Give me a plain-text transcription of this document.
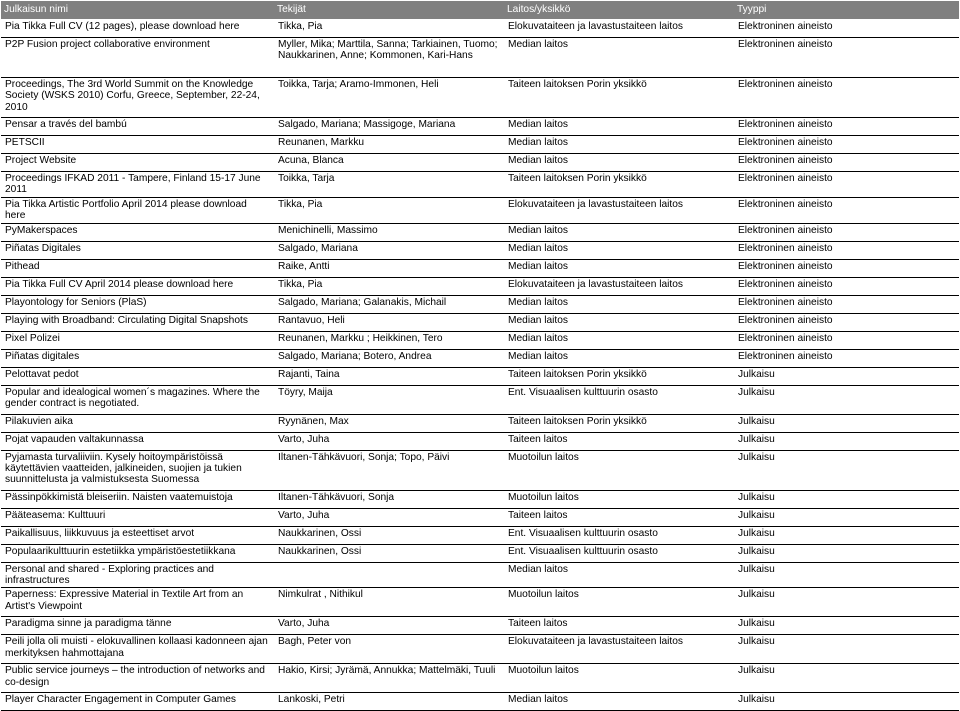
Julkaisun nimi	Tekijät	Laitos/yksikkö	Tyyppi
Pia Tikka Full CV (12 pages), please download here	Tikka, Pia	Elokuvataiteen ja lavastustaiteen laitos	Elektroninen aineisto
P2P Fusion project collaborative environment	Myller, Mika; Marttila, Sanna; Tarkiainen, Tuomo; Naukkarinen, Anne; Kommonen, Kari-Hans	Median laitos	Elektroninen aineisto
Proceedings, The 3rd World Summit on the Knowledge Society (WSKS 2010) Corfu, Greece, September, 22-24, 2010	Toikka, Tarja; Aramo-Immonen, Heli	Taiteen laitoksen Porin yksikkö	Elektroninen aineisto
Pensar a través del bambú	Salgado, Mariana; Massigoge, Mariana	Median laitos	Elektroninen aineisto
PETSCII	Reunanen, Markku	Median laitos	Elektroninen aineisto
Project Website	Acuna, Blanca	Median laitos	Elektroninen aineisto
Proceedings IFKAD 2011 - Tampere, Finland 15-17 June 2011	Toikka, Tarja	Taiteen laitoksen Porin yksikkö	Elektroninen aineisto
Pia Tikka Artistic Portfolio April 2014 please download here	Tikka, Pia	Elokuvataiteen ja lavastustaiteen laitos	Elektroninen aineisto
PyMakerspaces	Menichinelli, Massimo	Median laitos	Elektroninen aineisto
Piñatas Digitales	Salgado, Mariana	Median laitos	Elektroninen aineisto
Pithead	Raike, Antti	Median laitos	Elektroninen aineisto
Pia Tikka Full CV April 2014 please download here	Tikka, Pia	Elokuvataiteen ja lavastustaiteen laitos	Elektroninen aineisto
Playontology for Seniors (PlaS)	Salgado, Mariana; Galanakis, Michail	Median laitos	Elektroninen aineisto
Playing with Broadband: Circulating Digital Snapshots	Rantavuo, Heli	Median laitos	Elektroninen aineisto
Pixel Polizei	Reunanen, Markku ; Heikkinen, Tero	Median laitos	Elektroninen aineisto
Piñatas digitales	Salgado, Mariana; Botero, Andrea	Median laitos	Elektroninen aineisto
Pelottavat pedot	Rajanti, Taina	Taiteen laitoksen Porin yksikkö	Julkaisu
Popular and idealogical women´s magazines. Where the gender contract is negotiated.	Töyry, Maija	Ent. Visuaalisen kulttuurin osasto	Julkaisu
Pilakuvien aika	Ryynänen, Max	Taiteen laitoksen Porin yksikkö	Julkaisu
Pojat vapauden valtakunnassa	Varto, Juha	Taiteen laitos	Julkaisu
Pyjamasta turvaliiviin. Kysely hoitoympäristöissä käytettävien vaatteiden, jalkineiden, suojien ja tukien suunnittelusta ja valmistuksesta Suomessa	Iltanen-Tähkävuori, Sonja; Topo, Päivi	Muotoilun laitos	Julkaisu
Pässinpökkimistä bleiseriin. Naisten vaatemuistoja	Iltanen-Tähkävuori, Sonja	Muotoilun laitos	Julkaisu
Pääteasema: Kulttuuri	Varto, Juha	Taiteen laitos	Julkaisu
Paikallisuus, liikkuvuus ja esteettiset arvot	Naukkarinen, Ossi	Ent. Visuaalisen kulttuurin osasto	Julkaisu
Populaarikulttuurin estetiikka ympäristöestetiikkana	Naukkarinen, Ossi	Ent. Visuaalisen kulttuurin osasto	Julkaisu
Personal and shared - Exploring practices and infrastructures		Median laitos	Julkaisu
Paperness: Expressive Material in Textile Art from an Artist's Viewpoint	Nimkulrat , Nithikul	Muotoilun laitos	Julkaisu
Paradigma sinne ja paradigma tänne	Varto, Juha	Taiteen laitos	Julkaisu
Peili jolla oli muisti - elokuvallinen kollaasi kadonneen ajan merkityksen hahmottajana	Bagh, Peter von	Elokuvataiteen ja lavastustaiteen laitos	Julkaisu
Public service journeys – the introduction of networks and co-design	Hakio, Kirsi; Jyrämä, Annukka; Mattelmäki, Tuuli	Muotoilun laitos	Julkaisu
Player Character Engagement in Computer Games	Lankoski, Petri	Median laitos	Julkaisu
